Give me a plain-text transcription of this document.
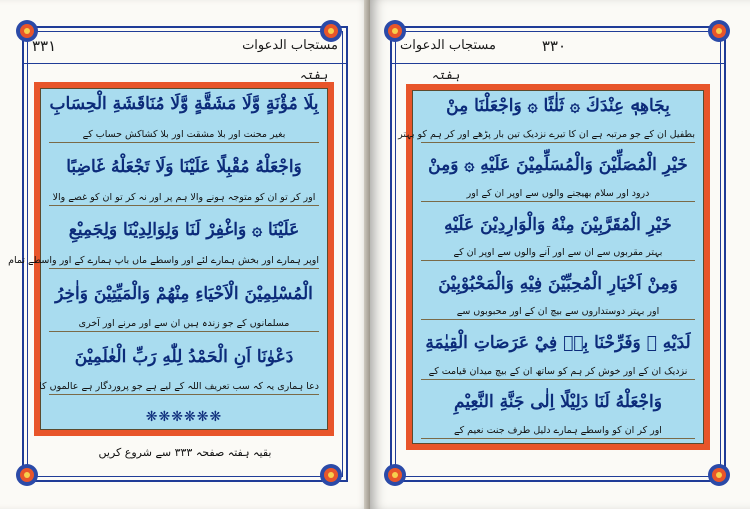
۳۳۱	مستجاب الدعوات
ہفتہ
بِلَا مُؤْنَةٍ وَّلَا مَشَقَّةٍ وَّلَا مُنَاقَشَةِ الْحِسَابِ
بغیر محنت اور بلا مشقت اور بلا کشاکش حساب کے
وَاجْعَلْهُ مُقْبِلًا عَلَيْنَا وَلَا تَجْعَلْهُ غَاضِبًا
اور کر تو ان کو متوجہ ہونے والا ہم پر اور نہ کر تو ان کو غصے والا
عَلَيْنَا ۞ وَاغْفِرْ لَنَا وَلِوَالِدِيْنَا وَلِجَمِيْعِ
اوپر ہمارے اور بخش ہمارے لئے اور واسطے ماں باپ ہمارے کے اور واسطے تمام
الْمُسْلِمِيْنَ الْاَحْيَاءِ مِنْهُمْ وَالْمَيِّتِيْنَ وَاٰخِرُ
مسلمانوں کے جو زندہ ہیں ان سے اور مرنے اور آخری
دَعْوٰنَا اَنِ الْحَمْدُ لِلّٰهِ رَبِّ الْعٰلَمِيْنَ
دعا ہماری یہ کہ سب تعریف اللہ کے لیے ہے جو پروردگار ہے عالموں کا
❋❋❋❋❋❋
بقیہ ہفتہ صفحہ ۳۳۳ سے شروع کریں
مستجاب الدعوات	۳۳۰
ہفتہ
بِجَاهِهٖ عِنْدَكَ ۞ ثَلٰثًا ۞ وَاجْعَلْنَا مِنْ
بطفیل ان کے جو مرتبہ ہے ان کا تیرے نزدیک تین بار پڑھے اور کر ہم کو بہتر
خَيْرِ الْمُصَلِّيْنَ وَالْمُسَلِّمِيْنَ عَلَيْهِ ۞ وَمِنْ
درود اور سلام بھیجنے والوں سے اوپر ان کے اور
خَيْرِ الْمُقَرَّبِيْنَ مِنْهُ وَالْوَارِدِيْنَ عَلَيْهِ
بہتر مقربوں سے ان سے اور آنے والوں سے اوپر ان کے
وَمِنْ اَخْيَارِ الْمُحِبِّيْنَ فِيْهِ وَالْمَحْبُوْبِيْنَ
اور بہتر دوستداروں سے بیچ ان کے اور محبوبوں سے
لَدَيْهِ ۞ وَفَرِّحْنَا بِهٖ فِيْ عَرَصَاتِ الْقِيٰمَةِ
نزدیک ان کے اور خوش کر ہم کو ساتھ ان کے بیچ میدان قیامت کے
وَاجْعَلْهُ لَنَا دَلِيْلًا اِلٰى جَنَّةِ النَّعِيْمِ
اور کر ان کو واسطے ہمارے دلیل طرف جنت نعیم کے
